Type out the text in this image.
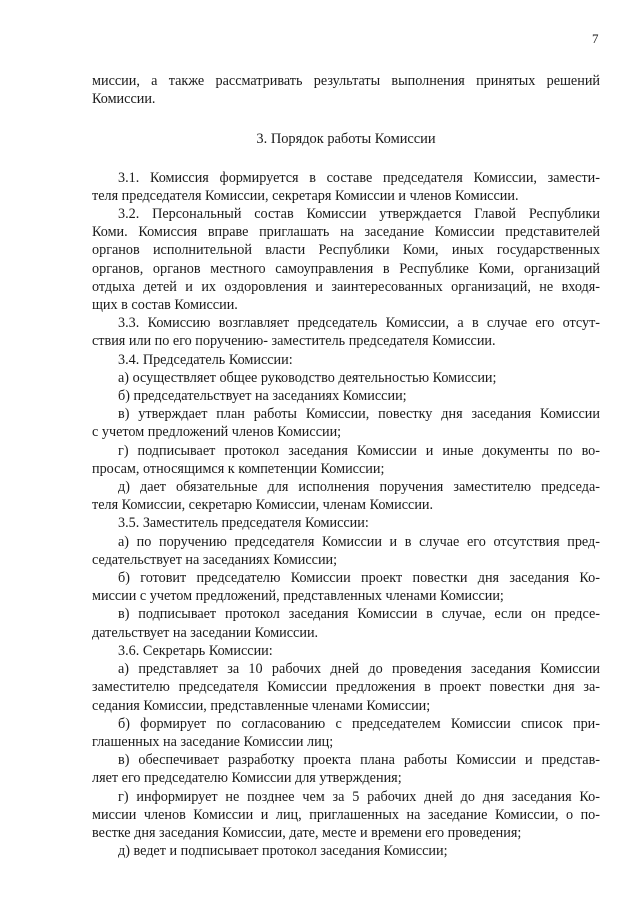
7
миссии, а также рассматривать результаты выполнения принятых решений
Комиссии.
3. Порядок работы Комиссии
3.1. Комиссия формируется в составе председателя Комиссии, замести-
теля председателя Комиссии, секретаря Комиссии и членов Комиссии.
3.2. Персональный состав Комиссии утверждается Главой Республики
Коми. Комиссия вправе приглашать на заседание Комиссии представителей
органов исполнительной власти Республики Коми, иных государственных
органов, органов местного самоуправления в Республике Коми, организаций
отдыха детей и их оздоровления и заинтересованных организаций, не входя-
щих в состав Комиссии.
3.3. Комиссию возглавляет председатель Комиссии, а в случае его отсут-
ствия или по его поручению- заместитель председателя Комиссии.
3.4. Председатель Комиссии:
а) осуществляет общее руководство деятельностью Комиссии;
б) председательствует на заседаниях Комиссии;
в) утверждает план работы Комиссии, повестку дня заседания Комиссии
с учетом предложений членов Комиссии;
г) подписывает протокол заседания Комиссии и иные документы по во-
просам, относящимся к компетенции Комиссии;
д) дает обязательные для исполнения поручения заместителю председа-
теля Комиссии, секретарю Комиссии, членам Комиссии.
3.5. Заместитель председателя Комиссии:
а) по поручению председателя Комиссии и в случае его отсутствия пред-
седательствует на заседаниях Комиссии;
б) готовит председателю Комиссии проект повестки дня заседания Ко-
миссии с учетом предложений, представленных членами Комиссии;
в) подписывает протокол заседания Комиссии в случае, если он предсе-
дательствует на заседании Комиссии.
3.6. Секретарь Комиссии:
а) представляет за 10 рабочих дней до проведения заседания Комиссии
заместителю председателя Комиссии предложения в проект повестки дня за-
седания Комиссии, представленные членами Комиссии;
б) формирует по согласованию с председателем Комиссии список при-
глашенных на заседание Комиссии лиц;
в) обеспечивает разработку проекта плана работы Комиссии и представ-
ляет его председателю Комиссии для утверждения;
г) информирует не позднее чем за 5 рабочих дней до дня заседания Ко-
миссии членов Комиссии и лиц, приглашенных на заседание Комиссии, о по-
вестке дня заседания Комиссии, дате, месте и времени его проведения;
д) ведет и подписывает протокол заседания Комиссии;
